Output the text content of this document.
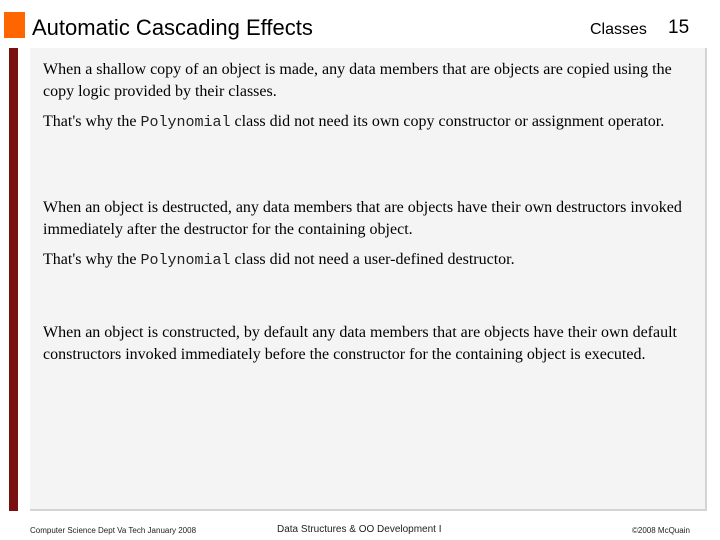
Automatic Cascading Effects	Classes 15

When a shallow copy of an object is made, any data members that are objects are copied using the copy logic provided by their classes.

That's why the Polynomial class did not need its own copy constructor or assignment operator.

When an object is destructed, any data members that are objects have their own destructors invoked immediately after the destructor for the containing object.

That's why the Polynomial class did not need a user-defined destructor.

When an object is constructed, by default any data members that are objects have their own default constructors invoked immediately before the constructor for the containing object is executed.

Computer Science Dept Va Tech January 2008	Data Structures & OO Development I	©2008 McQuain
